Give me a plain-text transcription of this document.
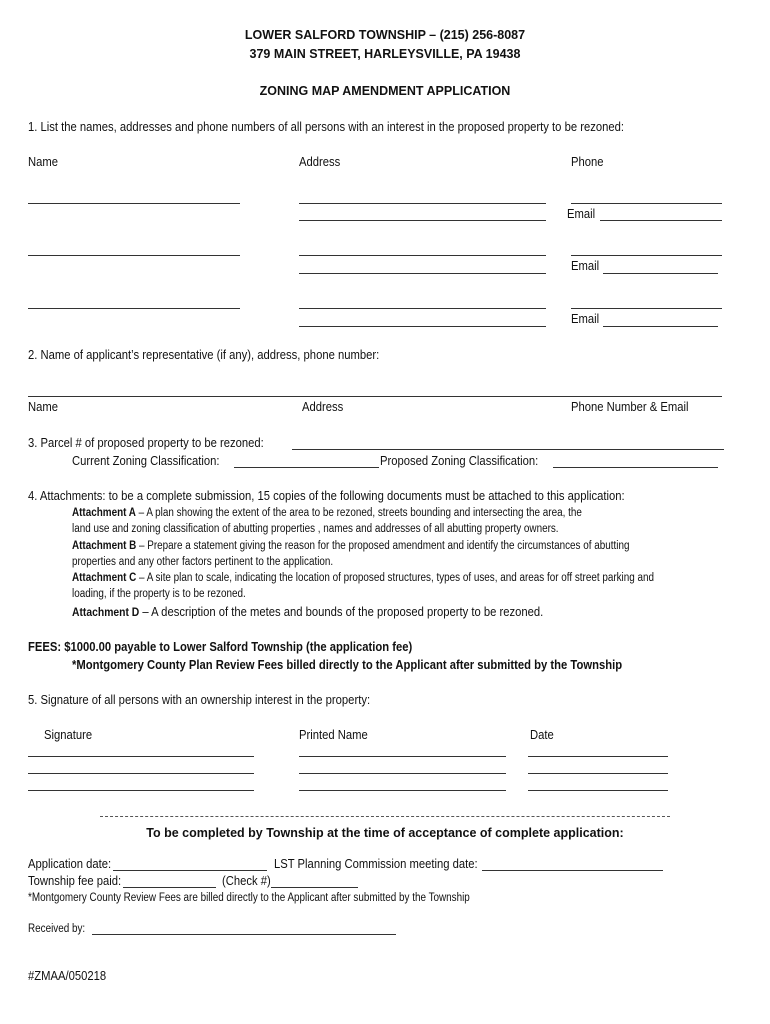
LOWER SALFORD TOWNSHIP – (215) 256-8087
379 MAIN STREET, HARLEYSVILLE, PA 19438
ZONING MAP AMENDMENT APPLICATION
1. List the names, addresses and phone numbers of all persons with an interest in the proposed property to be rezoned:
Name	Address	Phone
Email
Email
Email
2. Name of applicant’s representative (if any), address, phone number:
Name	Address	Phone Number & Email
3. Parcel # of proposed property to be rezoned:
Current Zoning Classification:	Proposed Zoning Classification:
4. Attachments: to be a complete submission, 15 copies of the following documents must be attached to this application:
Attachment A – A plan showing the extent of the area to be rezoned, streets bounding and intersecting the area, the
land use and zoning classification of abutting properties , names and addresses of all abutting property owners.
Attachment B – Prepare a statement giving the reason for the proposed amendment and identify the circumstances of abutting
properties and any other factors pertinent to the application.
Attachment C – A site plan to scale, indicating the location of proposed structures, types of uses, and areas for off street parking and
loading, if the property is to be rezoned.
Attachment D – A description of the metes and bounds of the proposed property to be rezoned.
FEES: $1000.00 payable to Lower Salford Township (the application fee)
*Montgomery County Plan Review Fees billed directly to the Applicant after submitted by the Township
5. Signature of all persons with an ownership interest in the property:
Signature	Printed Name	Date
To be completed by Township at the time of acceptance of complete application:
Application date:	LST Planning Commission meeting date:
Township fee paid:	(Check #)
*Montgomery County Review Fees are billed directly to the Applicant after submitted by the Township
Received by:
#ZMAA/050218
